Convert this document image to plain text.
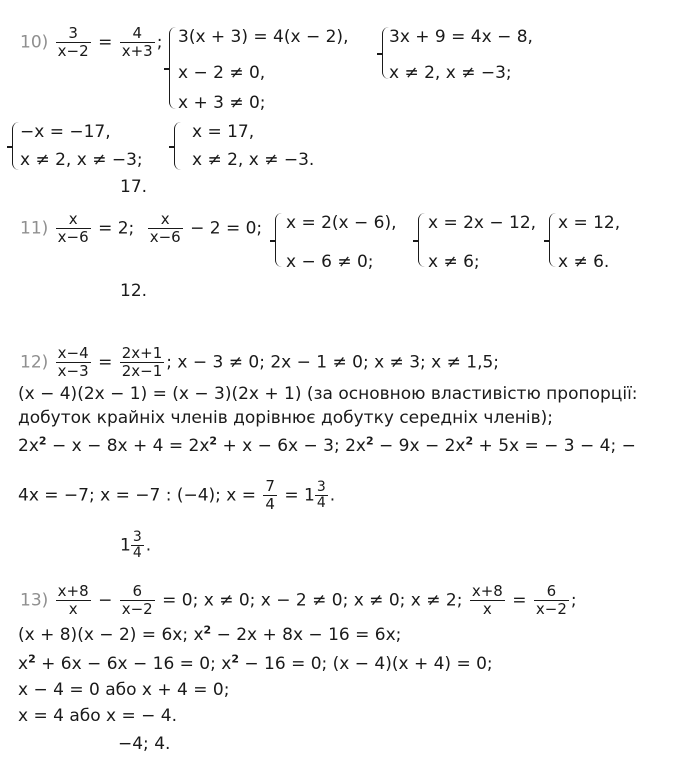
$10) \frac{3}{x-2} = \frac{4}{x+3}$ ; 3(x + 3) = 4(x − 2),
x − 2 ≠ 0,
x + 3 ≠ 0;
3x + 9 = 4x − 8,
x ≠ 2, x ≠ −3;
−x = −17,
x ≠ 2, x ≠ −3;
x = 17,
x ≠ 2, x ≠ −3.
17.
$11) \frac{x}{x-6} = 2$; $\frac{x}{x-6} - 2 = 0$; x = 2(x − 6),
x − 6 ≠ 0;
x = 2x − 12,
x ≠ 6;
x = 12,
x ≠ 6.
12.
$12) \frac{x-4}{x-3} = \frac{2x+1}{2x-1}$ ; x − 3 ≠ 0; 2x − 1 ≠ 0; x ≠ 3; x ≠ 1,5;
(x − 4)(2x − 1) = (x − 3)(2x + 1) (за основною властивістю пропорції:
добуток крайніх членів дорівнює добутку середніх членів);
$2x^2 - x - 8x + 4 = 2x^2 + x - 6x - 3$; $2x^2 - 9x - 2x^2 + 5x$ = − 3 − 4; −
4x = −7; x = −7 : (−4); $x = \frac{7}{4} = 1 \frac{3}{4}$ .
$1 \frac{3}{4}$ .
$13) \frac{x+8}{x} - \frac{6}{x-2} = 0$; x ≠ 0; x − 2 ≠ 0; x ≠ 0; x ≠ 2; $\frac{x+8}{x} = \frac{6}{x-2}$ ;
(x + 8)(x − 2) = 6x; $x^2 - 2x + 8x - 16 = 6x$;
$x^2 + 6x - 6x - 16 = 0$; $x^2 - 16 = 0$; (x − 4)(x + 4) = 0;
x − 4 = 0 або x + 4 = 0;
x = 4 або x = − 4.
−4; 4.
